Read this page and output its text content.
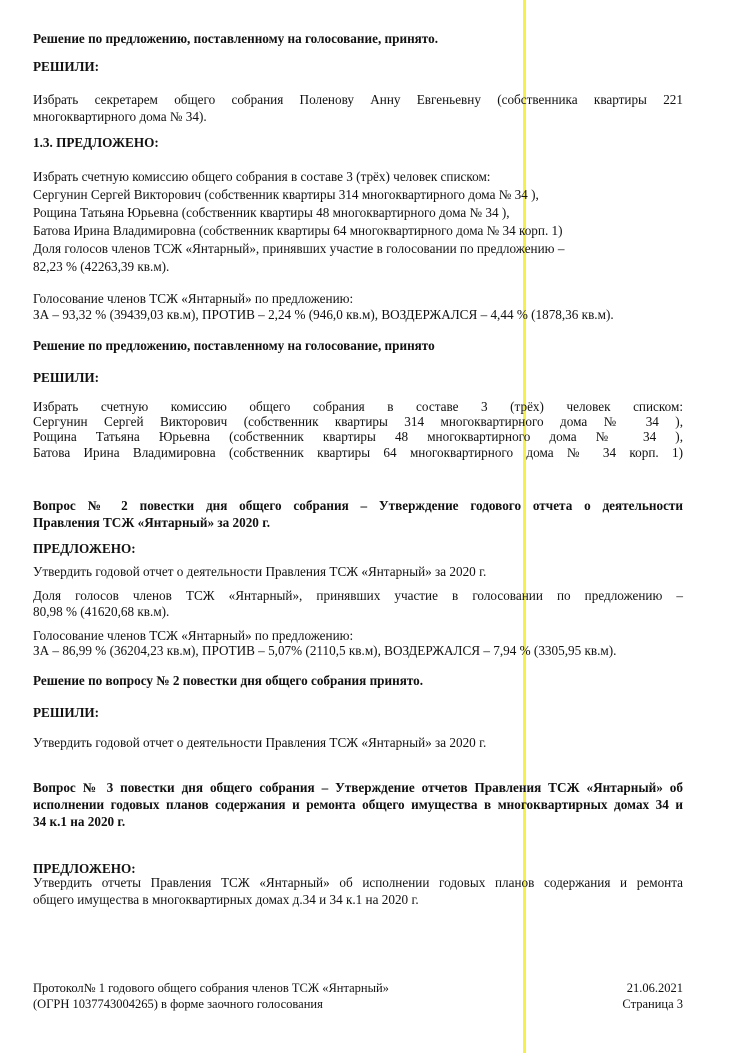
Решение по предложению, поставленному на голосование, принято.

РЕШИЛИ:

Избрать секретарем общего собрания Поленову Анну Евгеньевну (собственника квартиры 221

многоквартирного дома № 34).

1.3. ПРЕДЛОЖЕНО:

Избрать счетную комиссию общего собрания в составе 3 (трёх) человек списком:

Сергунин Сергей Викторович (собственник квартиры 314 многоквартирного дома № 34 ),

Рощина Татьяна Юрьевна (собственник квартиры 48 многоквартирного дома № 34 ),

Батова Ирина Владимировна (собственник квартиры 64 многоквартирного дома № 34 корп. 1)

Доля голосов членов ТСЖ «Янтарный», принявших участие в голосовании по предложению –

82,23 % (42263,39 кв.м).

Голосование членов ТСЖ «Янтарный» по предложению:

ЗА – 93,32 % (39439,03 кв.м), ПРОТИВ – 2,24 % (946,0 кв.м), ВОЗДЕРЖАЛСЯ – 4,44 % (1878,36 кв.м).

Решение по предложению, поставленному на голосование, принято

РЕШИЛИ:

Избрать счетную комиссию общего собрания в составе 3 (трёх) человек списком:

Сергунин Сергей Викторович (собственник квартиры 314 многоквартирного дома № 34 ),

Рощина Татьяна Юрьевна (собственник квартиры 48 многоквартирного дома № 34 ),

Батова Ирина Владимировна (собственник квартиры 64 многоквартирного дома № 34 корп. 1)

Вопрос № 2 повестки дня общего собрания – Утверждение годового отчета о деятельности

Правления ТСЖ «Янтарный» за 2020 г.

ПРЕДЛОЖЕНО:

Утвердить годовой отчет о деятельности Правления ТСЖ «Янтарный» за 2020 г.

Доля голосов членов ТСЖ «Янтарный», принявших участие в голосовании по предложению –

80,98 % (41620,68 кв.м).

Голосование членов ТСЖ «Янтарный» по предложению:

ЗА – 86,99 % (36204,23 кв.м), ПРОТИВ – 5,07% (2110,5 кв.м), ВОЗДЕРЖАЛСЯ – 7,94 % (3305,95 кв.м).

Решение по вопросу № 2 повестки дня общего собрания принято.

РЕШИЛИ:

Утвердить годовой отчет о деятельности Правления ТСЖ «Янтарный» за 2020 г.

Вопрос № 3 повестки дня общего собрания – Утверждение отчетов Правления ТСЖ «Янтарный» об

исполнении годовых планов содержания и ремонта общего имущества в многоквартирных домах 34 и

34 к.1 на 2020 г.

ПРЕДЛОЖЕНО:

Утвердить отчеты Правления ТСЖ «Янтарный» об исполнении годовых планов содержания и ремонта

общего имущества в многоквартирных домах д.34 и 34 к.1 на 2020 г.

Протокол№ 1 годового общего собрания членов ТСЖ «Янтарный»
(ОГРН 1037743004265) в форме заочного голосования
21.06.2021
Страница 3
